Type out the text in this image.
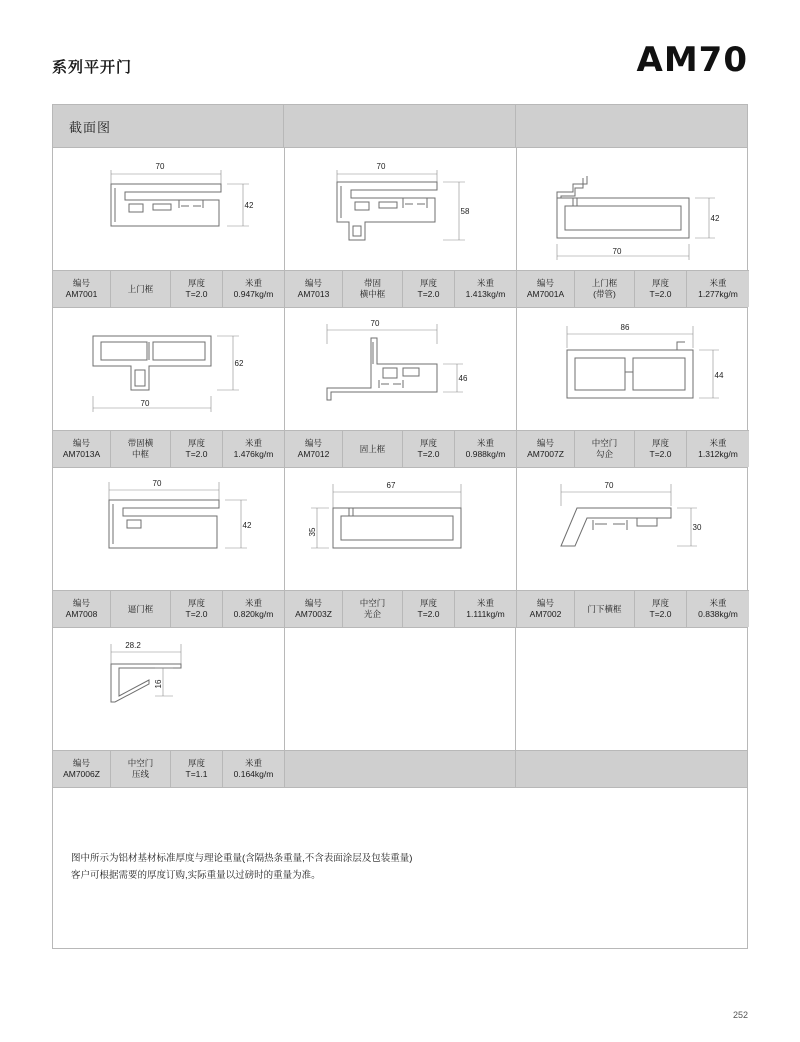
系列平开门	AM70
截面图
70
42
编号
AM7001
上门框
厚度
T=2.0
米重
0.947kg/m
70
58
编号
AM7013
带固
横中框
厚度
T=2.0
米重
1.413kg/m
70
42
编号
AM7001A
上门框
(带管)
厚度
T=2.0
米重
1.277kg/m
62
70
编号
AM7013A
带固横
中框
厚度
T=2.0
米重
1.476kg/m
70
46
编号
AM7012
固上框
厚度
T=2.0
米重
0.988kg/m
86
44
编号
AM7007Z
中空门
勾企
厚度
T=2.0
米重
1.312kg/m
70
42
编号
AM7008
逼门框
厚度
T=2.0
米重
0.820kg/m
67
35
编号
AM7003Z
中空门
光企
厚度
T=2.0
米重
1.111kg/m
70
30
编号
AM7002
门下横框
厚度
T=2.0
米重
0.838kg/m
28.2
16
编号
AM7006Z
中空门
压线
厚度
T=1.1
米重
0.164kg/m
图中所示为铝材基材标准厚度与理论重量(含隔热条重量,不含表面涂层及包装重量)
客户可根据需要的厚度订购,实际重量以过磅时的重量为准。
252
